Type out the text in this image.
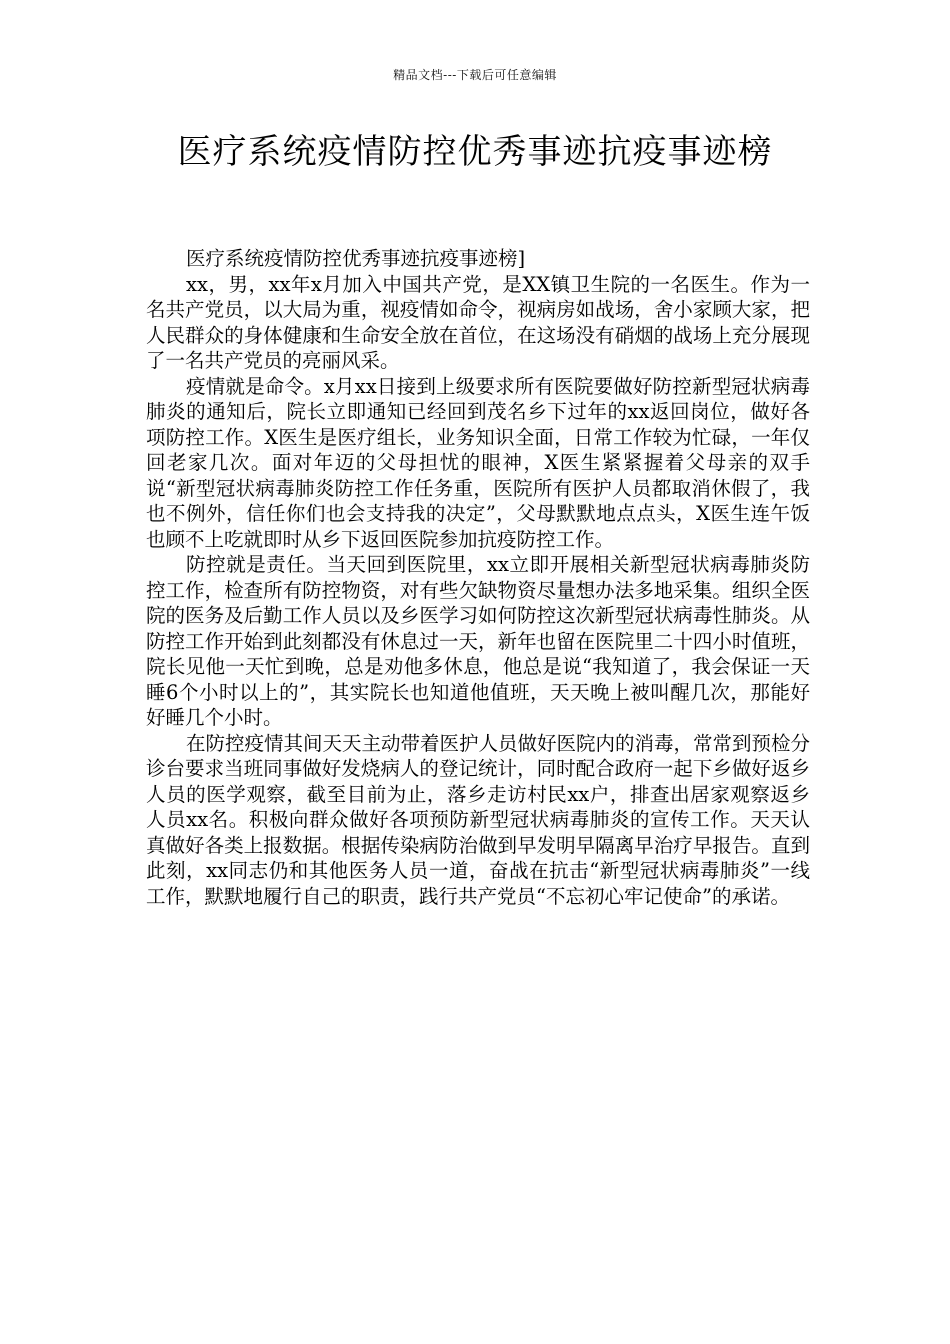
精品文档---下载后可任意编辑
医疗系统疫情防控优秀事迹抗疫事迹榜

医疗系统疫情防控优秀事迹抗疫事迹榜]

xx，男，xx年x月加入中国共产党，是XX镇卫生院的一名医生。作为一名共产党员，以大局为重，视疫情如命令，视病房如战场，舍小家顾大家，把人民群众的身体健康和生命安全放在首位，在这场没有硝烟的战场上充分展现了一名共产党员的亮丽风采。

疫情就是命令。x月xx日接到上级要求所有医院要做好防控新型冠状病毒肺炎的通知后，院长立即通知已经回到茂名乡下过年的xx返回岗位，做好各项防控工作。X医生是医疗组长，业务知识全面，日常工作较为忙碌，一年仅回老家几次。面对年迈的父母担忧的眼神，X医生紧紧握着父母亲的双手说“新型冠状病毒肺炎防控工作任务重，医院所有医护人员都取消休假了，我也不例外，信任你们也会支持我的决定”，父母默默地点点头，X医生连午饭也顾不上吃就即时从乡下返回医院参加抗疫防控工作。

防控就是责任。当天回到医院里，xx立即开展相关新型冠状病毒肺炎防控工作，检查所有防控物资，对有些欠缺物资尽量想办法多地采集。组织全医院的医务及后勤工作人员以及乡医学习如何防控这次新型冠状病毒性肺炎。从防控工作开始到此刻都没有休息过一天，新年也留在医院里二十四小时值班，院长见他一天忙到晚，总是劝他多休息，他总是说“我知道了，我会保证一天睡6个小时以上的”，其实院长也知道他值班，天天晚上被叫醒几次，那能好好睡几个小时。

在防控疫情其间天天主动带着医护人员做好医院内的消毒，常常到预检分诊台要求当班同事做好发烧病人的登记统计，同时配合政府一起下乡做好返乡人员的医学观察，截至目前为止，落乡走访村民xx户，排查出居家观察返乡人员xx名。积极向群众做好各项预防新型冠状病毒肺炎的宣传工作。天天认真做好各类上报数据。根据传染病防治做到早发明早隔离早治疗早报告。直到此刻，xx同志仍和其他医务人员一道，奋战在抗击“新型冠状病毒肺炎”一线工作，默默地履行自己的职责，践行共产党员“不忘初心牢记使命”的承诺。
